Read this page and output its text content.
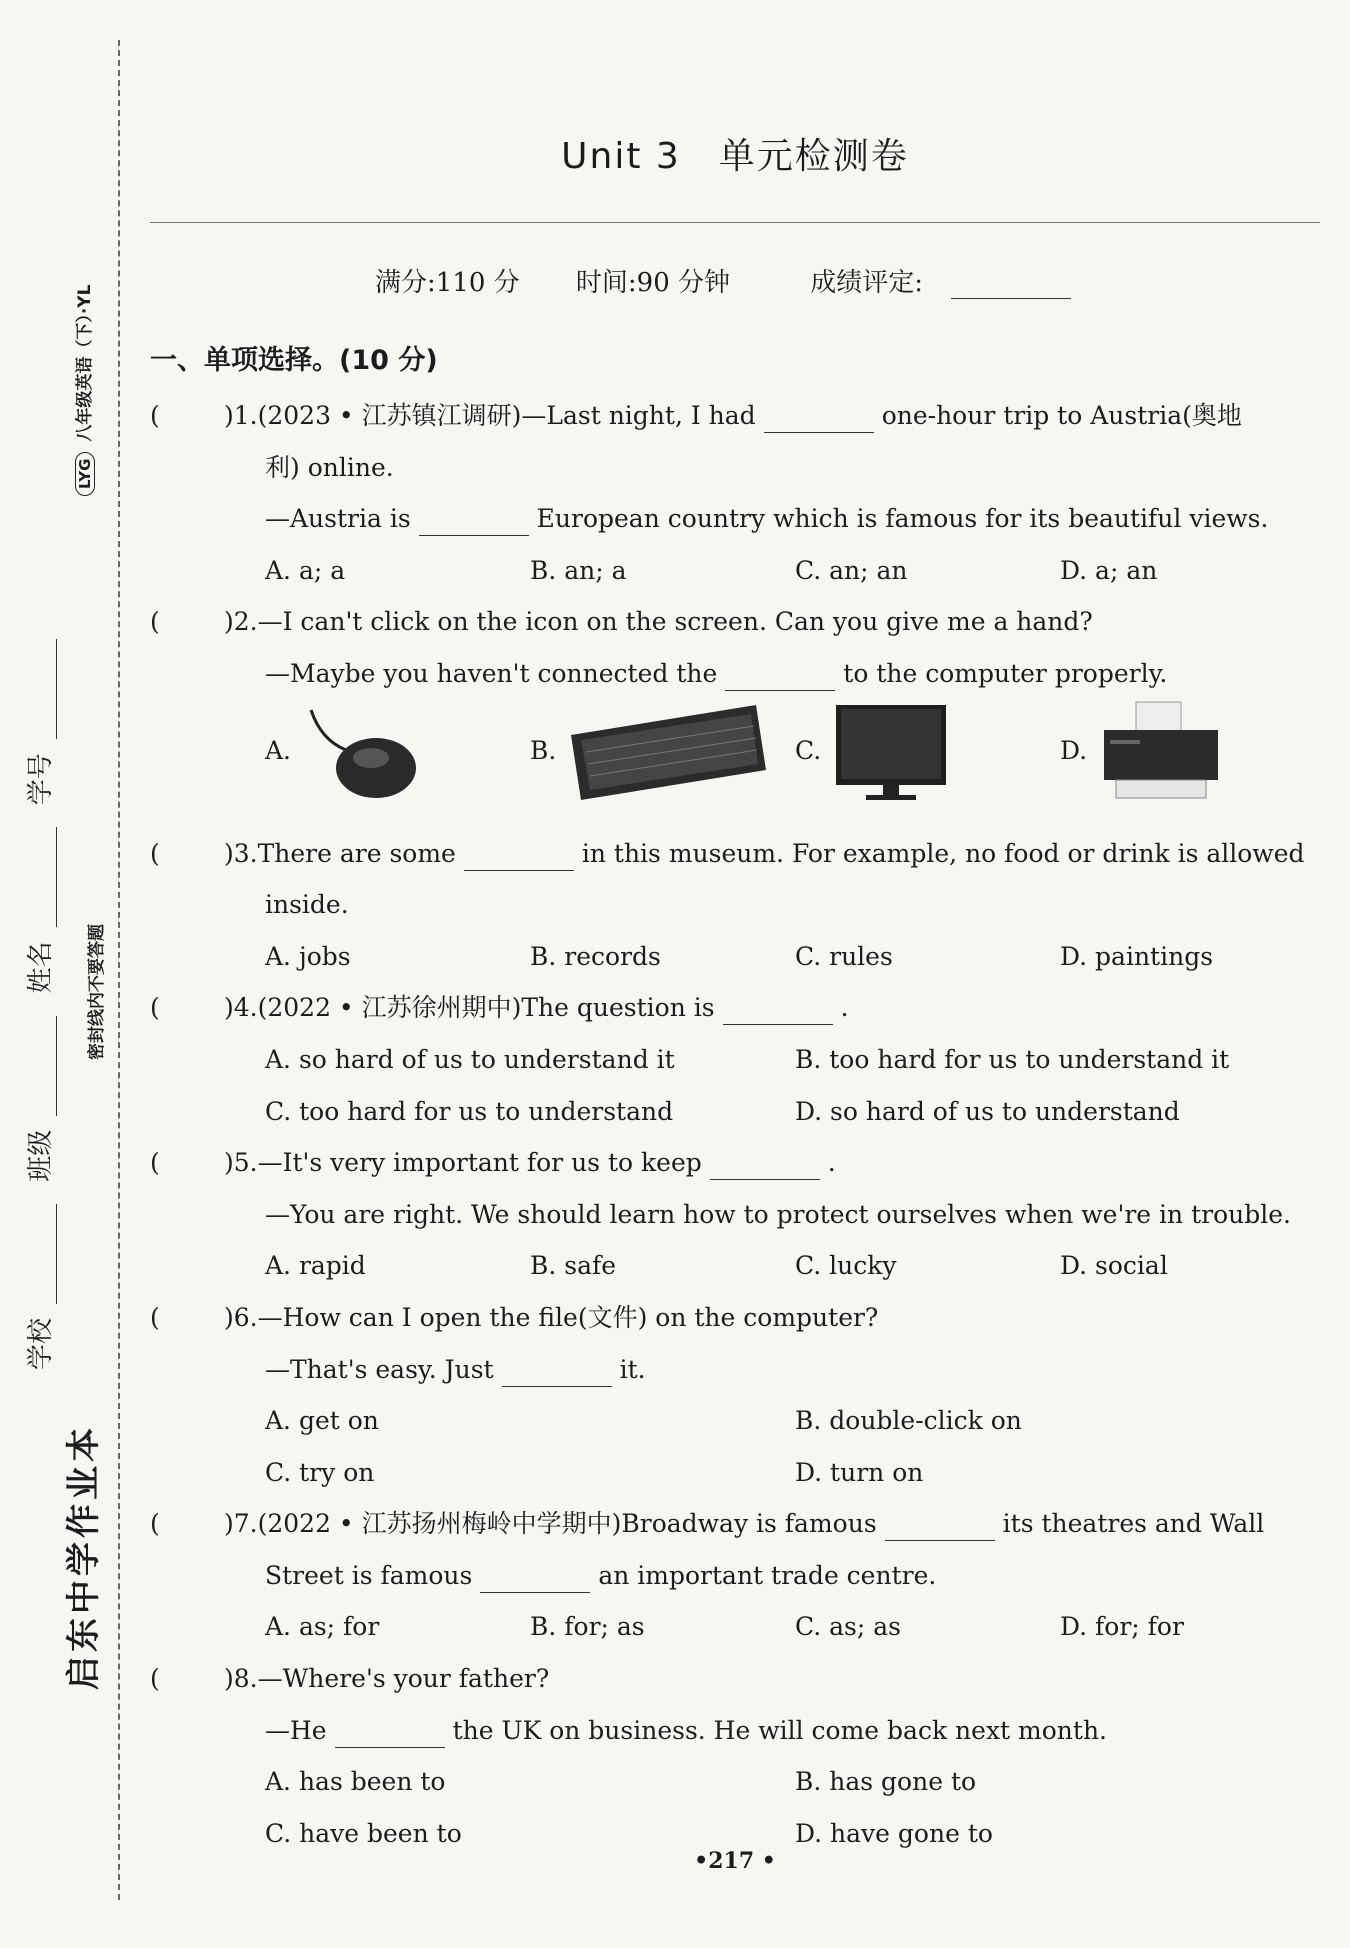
LYG 八年级英语（下）·YL
密封线内不要答题
启东中学作业本
学校 班级 姓名 学号
Unit 3　单元检测卷
满分:110 分 时间:90 分钟	成绩评定:
一、单项选择。(10 分)
(	)1.(2023 • 江苏镇江调研)—Last night, I had	one-hour trip to Austria(奥地
利) online.
—Austria is	European country which is famous for its beautiful views.
A. a; a	B. an; a	C. an; an	D. a; an
(	)2.—I can't click on the icon on the screen. Can you give me a hand?
—Maybe you haven't connected the	to the computer properly.
A.	B.	C.	D.
(	)3.There are some	in this museum. For example, no food or drink is allowed
inside.
A. jobs	B. records	C. rules	D. paintings
(	)4.(2022 • 江苏徐州期中)The question is	.
A. so hard of us to understand it	B. too hard for us to understand it
C. too hard for us to understand	D. so hard of us to understand
(	)5.—It's very important for us to keep	.
—You are right. We should learn how to protect ourselves when we're in trouble.
A. rapid	B. safe	C. lucky	D. social
(	)6.—How can I open the file(文件) on the computer?
—That's easy. Just	it.
A. get on	B. double-click on
C. try on	D. turn on
(	)7.(2022 • 江苏扬州梅岭中学期中)Broadway is famous	its theatres and Wall
Street is famous	an important trade centre.
A. as; for	B. for; as	C. as; as	D. for; for
(	)8.—Where's your father?
—He	the UK on business. He will come back next month.
A. has been to	B. has gone to
C. have been to	D. have gone to
•217 •
